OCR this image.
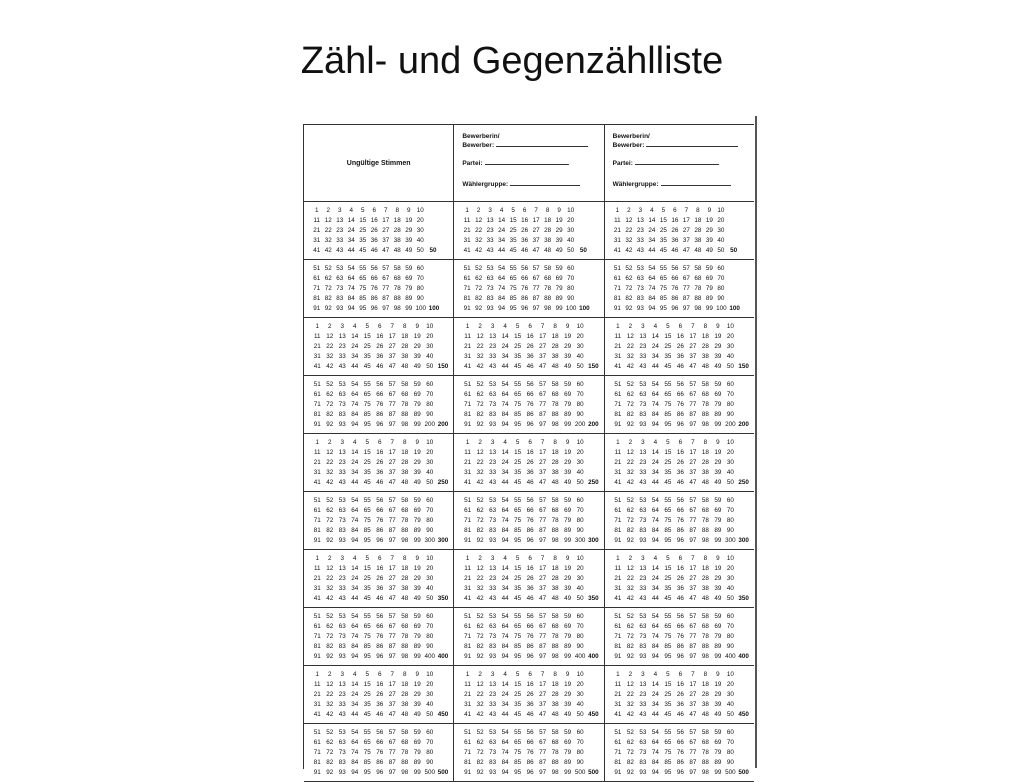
Zähl- und Gegenzählliste
Ungültige Stimmen
Bewerberin/
Bewerber:
Partei:
Wählergruppe:
Bewerberin/
Bewerber:
Partei:
Wählergruppe:
1 2 3 4 5 6 7 8 9 10
11 12 13 14 15 16 17 18 19 20
21 22 23 24 25 26 27 28 29 30
31 32 33 34 35 36 37 38 39 40
41 42 43 44 45 46 47 48 49 50 50
1 2 3 4 5 6 7 8 9 10
11 12 13 14 15 16 17 18 19 20
21 22 23 24 25 26 27 28 29 30
31 32 33 34 35 36 37 38 39 40
41 42 43 44 45 46 47 48 49 50 50
1 2 3 4 5 6 7 8 9 10
11 12 13 14 15 16 17 18 19 20
21 22 23 24 25 26 27 28 29 30
31 32 33 34 35 36 37 38 39 40
41 42 43 44 45 46 47 48 49 50 50
51 52 53 54 55 56 57 58 59 60
61 62 63 64 65 66 67 68 69 70
71 72 73 74 75 76 77 78 79 80
81 82 83 84 85 86 87 88 89 90
91 92 93 94 95 96 97 98 99 100 100
51 52 53 54 55 56 57 58 59 60
61 62 63 64 65 66 67 68 69 70
71 72 73 74 75 76 77 78 79 80
81 82 83 84 85 86 87 88 89 90
91 92 93 94 95 96 97 98 99 100 100
51 52 53 54 55 56 57 58 59 60
61 62 63 64 65 66 67 68 69 70
71 72 73 74 75 76 77 78 79 80
81 82 83 84 85 86 87 88 89 90
91 92 93 94 95 96 97 98 99 100 100
1 2 3 4 5 6 7 8 9 10
11 12 13 14 15 16 17 18 19 20
21 22 23 24 25 26 27 28 29 30
31 32 33 34 35 36 37 38 39 40
41 42 43 44 45 46 47 48 49 50 150
1 2 3 4 5 6 7 8 9 10
11 12 13 14 15 16 17 18 19 20
21 22 23 24 25 26 27 28 29 30
31 32 33 34 35 36 37 38 39 40
41 42 43 44 45 46 47 48 49 50 150
1 2 3 4 5 6 7 8 9 10
11 12 13 14 15 16 17 18 19 20
21 22 23 24 25 26 27 28 29 30
31 32 33 34 35 36 37 38 39 40
41 42 43 44 45 46 47 48 49 50 150
51 52 53 54 55 56 57 58 59 60
61 62 63 64 65 66 67 68 69 70
71 72 73 74 75 76 77 78 79 80
81 82 83 84 85 86 87 88 89 90
91 92 93 94 95 96 97 98 99 200 200
51 52 53 54 55 56 57 58 59 60
61 62 63 64 65 66 67 68 69 70
71 72 73 74 75 76 77 78 79 80
81 82 83 84 85 86 87 88 89 90
91 92 93 94 95 96 97 98 99 200 200
51 52 53 54 55 56 57 58 59 60
61 62 63 64 65 66 67 68 69 70
71 72 73 74 75 76 77 78 79 80
81 82 83 84 85 86 87 88 89 90
91 92 93 94 95 96 97 98 99 200 200
1 2 3 4 5 6 7 8 9 10
11 12 13 14 15 16 17 18 19 20
21 22 23 24 25 26 27 28 29 30
31 32 33 34 35 36 37 38 39 40
41 42 43 44 45 46 47 48 49 50 250
1 2 3 4 5 6 7 8 9 10
11 12 13 14 15 16 17 18 19 20
21 22 23 24 25 26 27 28 29 30
31 32 33 34 35 36 37 38 39 40
41 42 43 44 45 46 47 48 49 50 250
1 2 3 4 5 6 7 8 9 10
11 12 13 14 15 16 17 18 19 20
21 22 23 24 25 26 27 28 29 30
31 32 33 34 35 36 37 38 39 40
41 42 43 44 45 46 47 48 49 50 250
51 52 53 54 55 56 57 58 59 60
61 62 63 64 65 66 67 68 69 70
71 72 73 74 75 76 77 78 79 80
81 82 83 84 85 86 87 88 89 90
91 92 93 94 95 96 97 98 99 300 300
51 52 53 54 55 56 57 58 59 60
61 62 63 64 65 66 67 68 69 70
71 72 73 74 75 76 77 78 79 80
81 82 83 84 85 86 87 88 89 90
91 92 93 94 95 96 97 98 99 300 300
51 52 53 54 55 56 57 58 59 60
61 62 63 64 65 66 67 68 69 70
71 72 73 74 75 76 77 78 79 80
81 82 83 84 85 86 87 88 89 90
91 92 93 94 95 96 97 98 99 300 300
1 2 3 4 5 6 7 8 9 10
11 12 13 14 15 16 17 18 19 20
21 22 23 24 25 26 27 28 29 30
31 32 33 34 35 36 37 38 39 40
41 42 43 44 45 46 47 48 49 50 350
1 2 3 4 5 6 7 8 9 10
11 12 13 14 15 16 17 18 19 20
21 22 23 24 25 26 27 28 29 30
31 32 33 34 35 36 37 38 39 40
41 42 43 44 45 46 47 48 49 50 350
1 2 3 4 5 6 7 8 9 10
11 12 13 14 15 16 17 18 19 20
21 22 23 24 25 26 27 28 29 30
31 32 33 34 35 36 37 38 39 40
41 42 43 44 45 46 47 48 49 50 350
51 52 53 54 55 56 57 58 59 60
61 62 63 64 65 66 67 68 69 70
71 72 73 74 75 76 77 78 79 80
81 82 83 84 85 86 87 88 89 90
91 92 93 94 95 96 97 98 99 400 400
51 52 53 54 55 56 57 58 59 60
61 62 63 64 65 66 67 68 69 70
71 72 73 74 75 76 77 78 79 80
81 82 83 84 85 86 87 88 89 90
91 92 93 94 95 96 97 98 99 400 400
51 52 53 54 55 56 57 58 59 60
61 62 63 64 65 66 67 68 69 70
71 72 73 74 75 76 77 78 79 80
81 82 83 84 85 86 87 88 89 90
91 92 93 94 95 96 97 98 99 400 400
1 2 3 4 5 6 7 8 9 10
11 12 13 14 15 16 17 18 19 20
21 22 23 24 25 26 27 28 29 30
31 32 33 34 35 36 37 38 39 40
41 42 43 44 45 46 47 48 49 50 450
1 2 3 4 5 6 7 8 9 10
11 12 13 14 15 16 17 18 19 20
21 22 23 24 25 26 27 28 29 30
31 32 33 34 35 36 37 38 39 40
41 42 43 44 45 46 47 48 49 50 450
1 2 3 4 5 6 7 8 9 10
11 12 13 14 15 16 17 18 19 20
21 22 23 24 25 26 27 28 29 30
31 32 33 34 35 36 37 38 39 40
41 42 43 44 45 46 47 48 49 50 450
51 52 53 54 55 56 57 58 59 60
61 62 63 64 65 66 67 68 69 70
71 72 73 74 75 76 77 78 79 80
81 82 83 84 85 86 87 88 89 90
91 92 93 94 95 96 97 98 99 500 500
51 52 53 54 55 56 57 58 59 60
61 62 63 64 65 66 67 68 69 70
71 72 73 74 75 76 77 78 79 80
81 82 83 84 85 86 87 88 89 90
91 92 93 94 95 96 97 98 99 500 500
51 52 53 54 55 56 57 58 59 60
61 62 63 64 65 66 67 68 69 70
71 72 73 74 75 76 77 78 79 80
81 82 83 84 85 86 87 88 89 90
91 92 93 94 95 96 97 98 99 500 500
